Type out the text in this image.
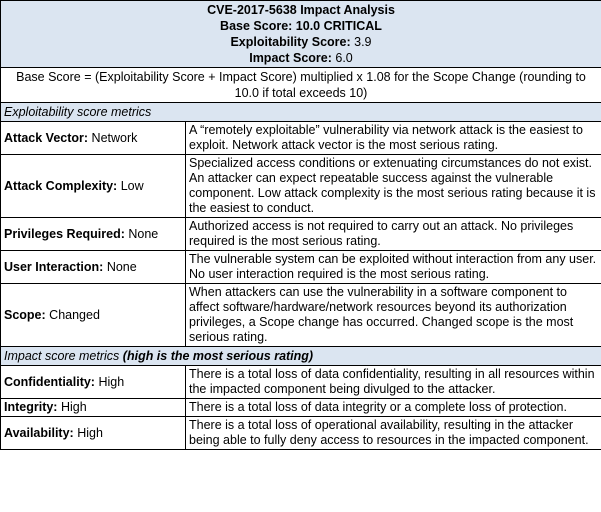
CVE-2017-5638 Impact Analysis
Base Score: 10.0 CRITICAL
Exploitability Score: 3.9
Impact Score: 6.0	

Base Score = (Exploitability Score + Impact Score) multiplied x 1.08 for the Scope Change (rounding to 10.0 if total exceeds 10)	
Exploitability score metrics	
Attack Vector: Network	A “remotely exploitable” vulnerability via network attack is the easiest to exploit. Network attack vector is the most serious rating.
Attack Complexity: Low	Specialized access conditions or extenuating circumstances do not exist. An attacker can expect repeatable success against the vulnerable component. Low attack complexity is the most serious rating because it is the easiest to conduct.
Privileges Required: None	Authorized access is not required to carry out an attack. No privileges required is the most serious rating.
User Interaction: None	The vulnerable system can be exploited without interaction from any user. No user interaction required is the most serious rating.
Scope: Changed	When attackers can use the vulnerability in a software component to affect software/hardware/network resources beyond its authorization privileges, a Scope change has occurred. Changed scope is the most serious rating.
Impact score metrics (high is the most serious rating)	
Confidentiality: High	There is a total loss of data confidentiality, resulting in all resources within the impacted component being divulged to the attacker.
Integrity: High	There is a total loss of data integrity or a complete loss of protection.
Availability: High	There is a total loss of operational availability, resulting in the attacker being able to fully deny access to resources in the impacted component.
